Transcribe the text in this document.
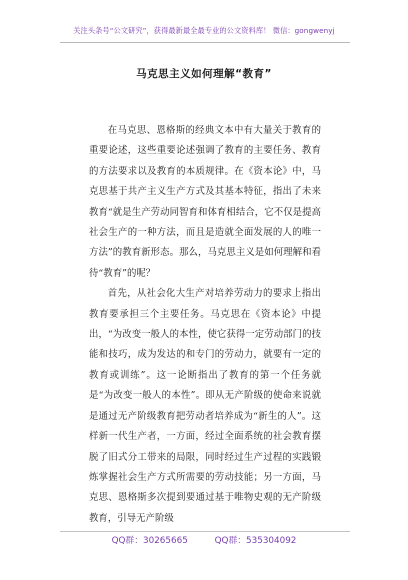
关注头条号“公文研究”，获得最新最全最专业的公文资料库！ 微信：gongwenyj
马克思主义如何理解“教育”

在马克思、恩格斯的经典文本中有大量关于教育的重要论述，这些重要论述强调了教育的主要任务、教育的方法要求以及教育的本质规律。在《资本论》中，马克思基于共产主义生产方式及其基本特征，指出了未来教育“就是生产劳动同智育和体育相结合，它不仅是提高社会生产的一种方法，而且是造就全面发展的人的唯一方法”的教育新形态。那么，马克思主义是如何理解和看待“教育”的呢？

首先，从社会化大生产对培养劳动力的要求上指出教育要承担三个主要任务。马克思在《资本论》中提出，“为改变一般人的本性，使它获得一定劳动部门的技能和技巧，成为发达的和专门的劳动力，就要有一定的教育或训练”。这一论断指出了教育的第一个任务就是“为改变一般人的本性”。即从无产阶级的使命来说就是通过无产阶级教育把劳动者培养成为“新生的人”。这样新一代生产者，一方面，经过全面系统的社会教育摆脱了旧式分工带来的局限，同时经过生产过程的实践锻炼掌握社会生产方式所需要的劳动技能；另一方面，马克思、恩格斯多次提到要通过基于唯物史观的无产阶级教育，引导无产阶级

QQ群：30265665	QQ群：535304092
